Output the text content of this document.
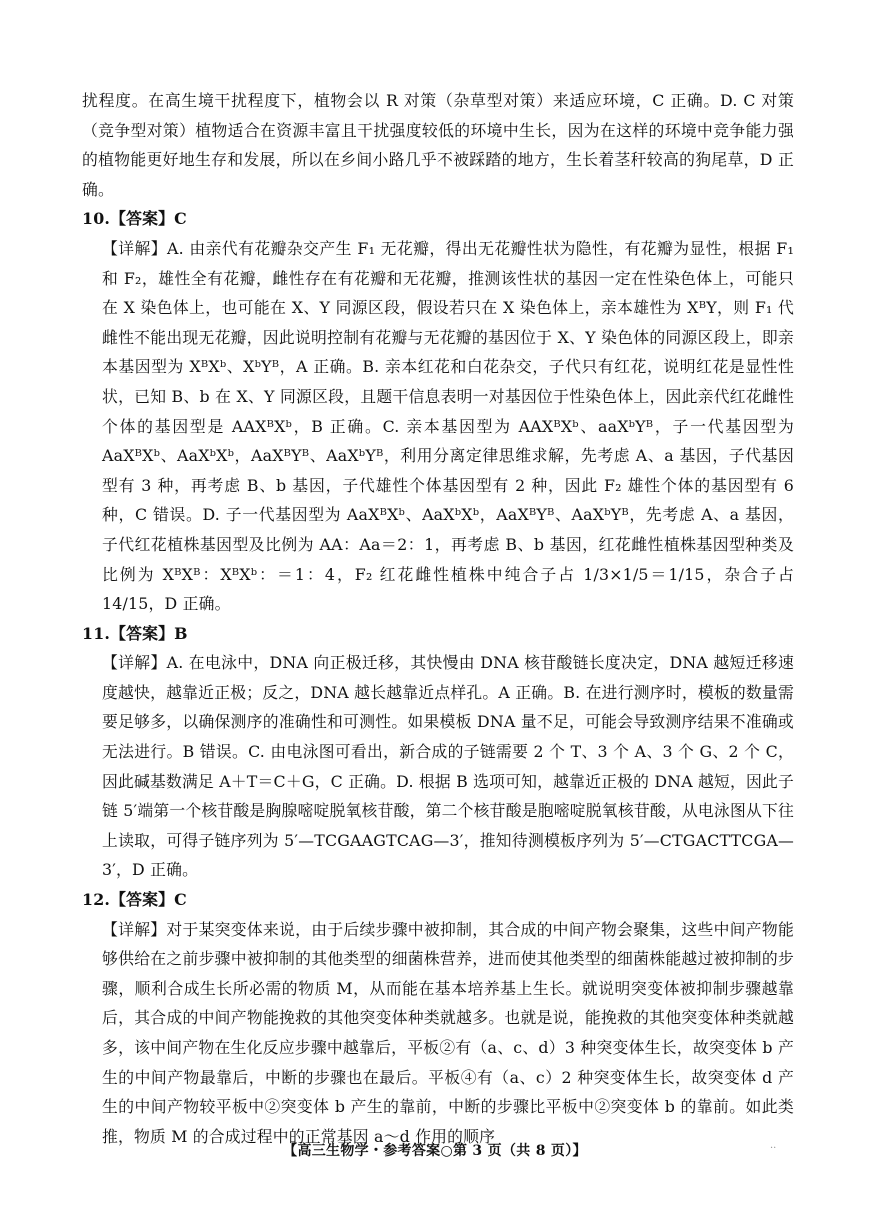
扰程度。在高生境干扰程度下，植物会以 R 对策（杂草型对策）来适应环境，C 正确。D. C 对策（竞争型对策）植物适合在资源丰富且干扰强度较低的环境中生长，因为在这样的环境中竞争能力强的植物能更好地生存和发展，所以在乡间小路几乎不被踩踏的地方，生长着茎秆较高的狗尾草，D 正确。

10.【答案】C

【详解】A. 由亲代有花瓣杂交产生 F₁ 无花瓣，得出无花瓣性状为隐性，有花瓣为显性，根据 F₁ 和 F₂，雄性全有花瓣，雌性存在有花瓣和无花瓣，推测该性状的基因一定在性染色体上，可能只在 X 染色体上，也可能在 X、Y 同源区段，假设若只在 X 染色体上，亲本雄性为 XᴮY，则 F₁ 代雌性不能出现无花瓣，因此说明控制有花瓣与无花瓣的基因位于 X、Y 染色体的同源区段上，即亲本基因型为 XᴮXᵇ、XᵇYᴮ，A 正确。B. 亲本红花和白花杂交，子代只有红花，说明红花是显性性状，已知 B、b 在 X、Y 同源区段，且题干信息表明一对基因位于性染色体上，因此亲代红花雌性个体的基因型是 AAXᴮXᵇ，B 正确。C. 亲本基因型为 AAXᴮXᵇ、aaXᵇYᴮ，子一代基因型为 AaXᴮXᵇ、AaXᵇXᵇ，AaXᴮYᴮ、AaXᵇYᴮ，利用分离定律思维求解，先考虑 A、a 基因，子代基因型有 3 种，再考虑 B、b 基因，子代雄性个体基因型有 2 种，因此 F₂ 雄性个体的基因型有 6 种，C 错误。D. 子一代基因型为 AaXᴮXᵇ、AaXᵇXᵇ，AaXᴮYᴮ、AaXᵇYᴮ，先考虑 A、a 基因，子代红花植株基因型及比例为 AA：Aa＝2：1，再考虑 B、b 基因，红花雌性植株基因型种类及比例为 XᴮXᴮ：XᴮXᵇ：＝1：4，F₂ 红花雌性植株中纯合子占 1/3×1/5＝1/15，杂合子占 14/15，D 正确。

11.【答案】B

【详解】A. 在电泳中，DNA 向正极迁移，其快慢由 DNA 核苷酸链长度决定，DNA 越短迁移速度越快，越靠近正极；反之，DNA 越长越靠近点样孔。A 正确。B. 在进行测序时，模板的数量需要足够多，以确保测序的准确性和可测性。如果模板 DNA 量不足，可能会导致测序结果不准确或无法进行。B 错误。C. 由电泳图可看出，新合成的子链需要 2 个 T、3 个 A、3 个 G、2 个 C，因此碱基数满足 A＋T＝C＋G，C 正确。D. 根据 B 选项可知，越靠近正极的 DNA 越短，因此子链 5′端第一个核苷酸是胸腺嘧啶脱氧核苷酸，第二个核苷酸是胞嘧啶脱氧核苷酸，从电泳图从下往上读取，可得子链序列为 5′—TCGAAGTCAG—3′，推知待测模板序列为 5′—CTGACTTCGA—3′，D 正确。

12.【答案】C

【详解】对于某突变体来说，由于后续步骤中被抑制，其合成的中间产物会聚集，这些中间产物能够供给在之前步骤中被抑制的其他类型的细菌株营养，进而使其他类型的细菌株能越过被抑制的步骤，顺利合成生长所必需的物质 M，从而能在基本培养基上生长。就说明突变体被抑制步骤越靠后，其合成的中间产物能挽救的其他突变体种类就越多。也就是说，能挽救的其他突变体种类就越多，该中间产物在生化反应步骤中越靠后，平板②有（a、c、d）3 种突变体生长，故突变体 b 产生的中间产物最靠后，中断的步骤也在最后。平板④有（a、c）2 种突变体生长，故突变体 d 产生的中间产物较平板中②突变体 b 产生的靠前，中断的步骤比平板中②突变体 b 的靠前。如此类推，物质 M 的合成过程中的正常基因 a～d 作用的顺序

【高三生物学・参考答案○第 3 页（共 8 页）】	··
